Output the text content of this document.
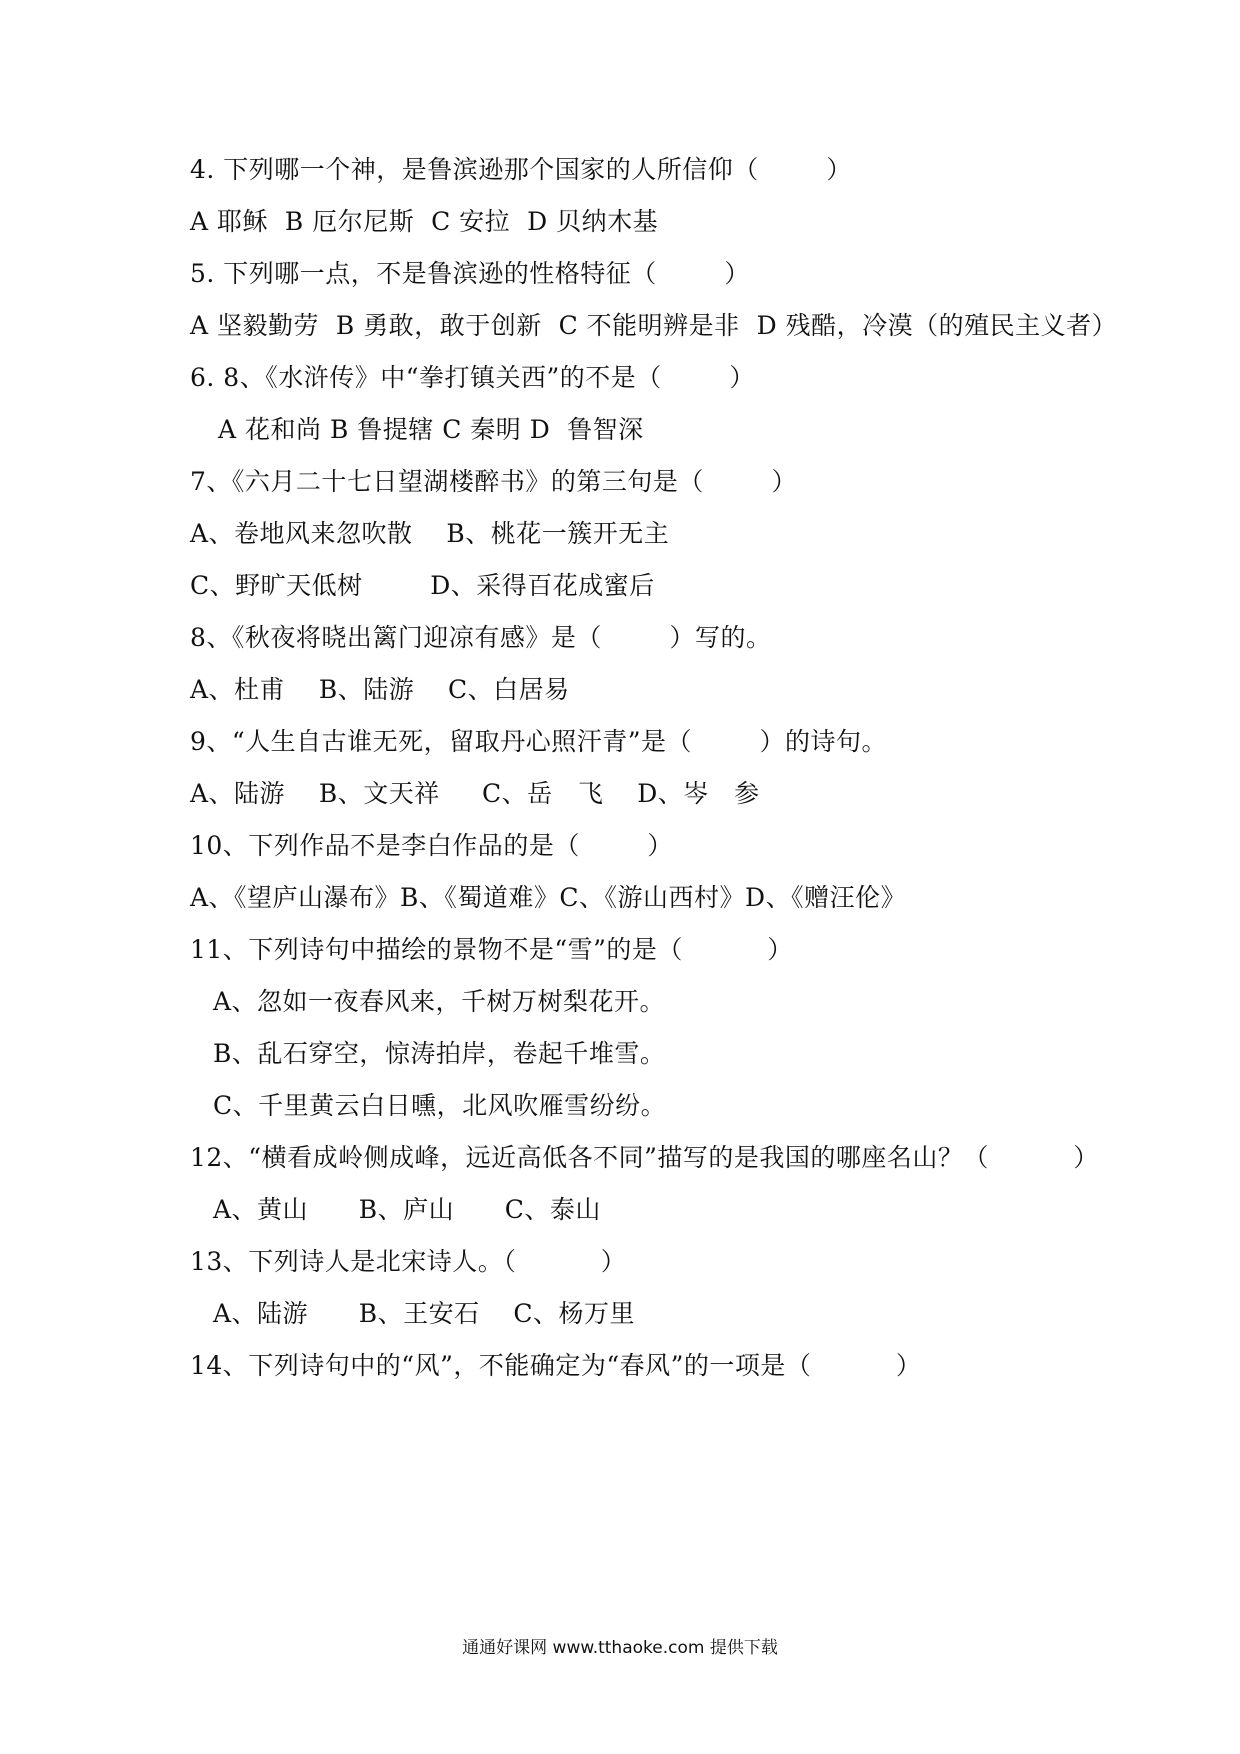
4. 下列哪一个神，是鲁滨逊那个国家的人所信仰（        ）
A 耶稣  B 厄尔尼斯  C 安拉  D 贝纳木基
5. 下列哪一点，不是鲁滨逊的性格特征（        ）
A 坚毅勤劳  B 勇敢，敢于创新  C 不能明辨是非  D 残酷，冷漠（的殖民主义者）
6. 8、《水浒传》中“拳打镇关西”的不是（        ）
A 花和尚 B 鲁提辖 C 秦明 D  鲁智深
7、《六月二十七日望湖楼醉书》的第三句是（        ）
A、卷地风来忽吹散    B、桃花一簇开无主
C、野旷天低树        D、采得百花成蜜后
8、《秋夜将晓出篱门迎凉有感》是（        ）写的。
A、杜甫    B、陆游    C、白居易
9、“人生自古谁无死，留取丹心照汗青”是（        ）的诗句。
A、陆游    B、文天祥     C、岳   飞    D、岑   参
10、下列作品不是李白作品的是（        ）
A、《望庐山瀑布》B、《蜀道难》C、《游山西村》D、《赠汪伦》
11、下列诗句中描绘的景物不是“雪”的是（          ）
A、忽如一夜春风来，千树万树梨花开。
B、乱石穿空，惊涛拍岸，卷起千堆雪。
C、千里黄云白日曛，北风吹雁雪纷纷。
12、“横看成岭侧成峰，远近高低各不同”描写的是我国的哪座名山？（          ）
A、黄山      B、庐山      C、泰山
13、下列诗人是北宋诗人。（          ）
A、陆游      B、王安石    C、杨万里
14、下列诗句中的“风”，不能确定为“春风”的一项是（          ）
通通好课网 www.tthaoke.com 提供下载
